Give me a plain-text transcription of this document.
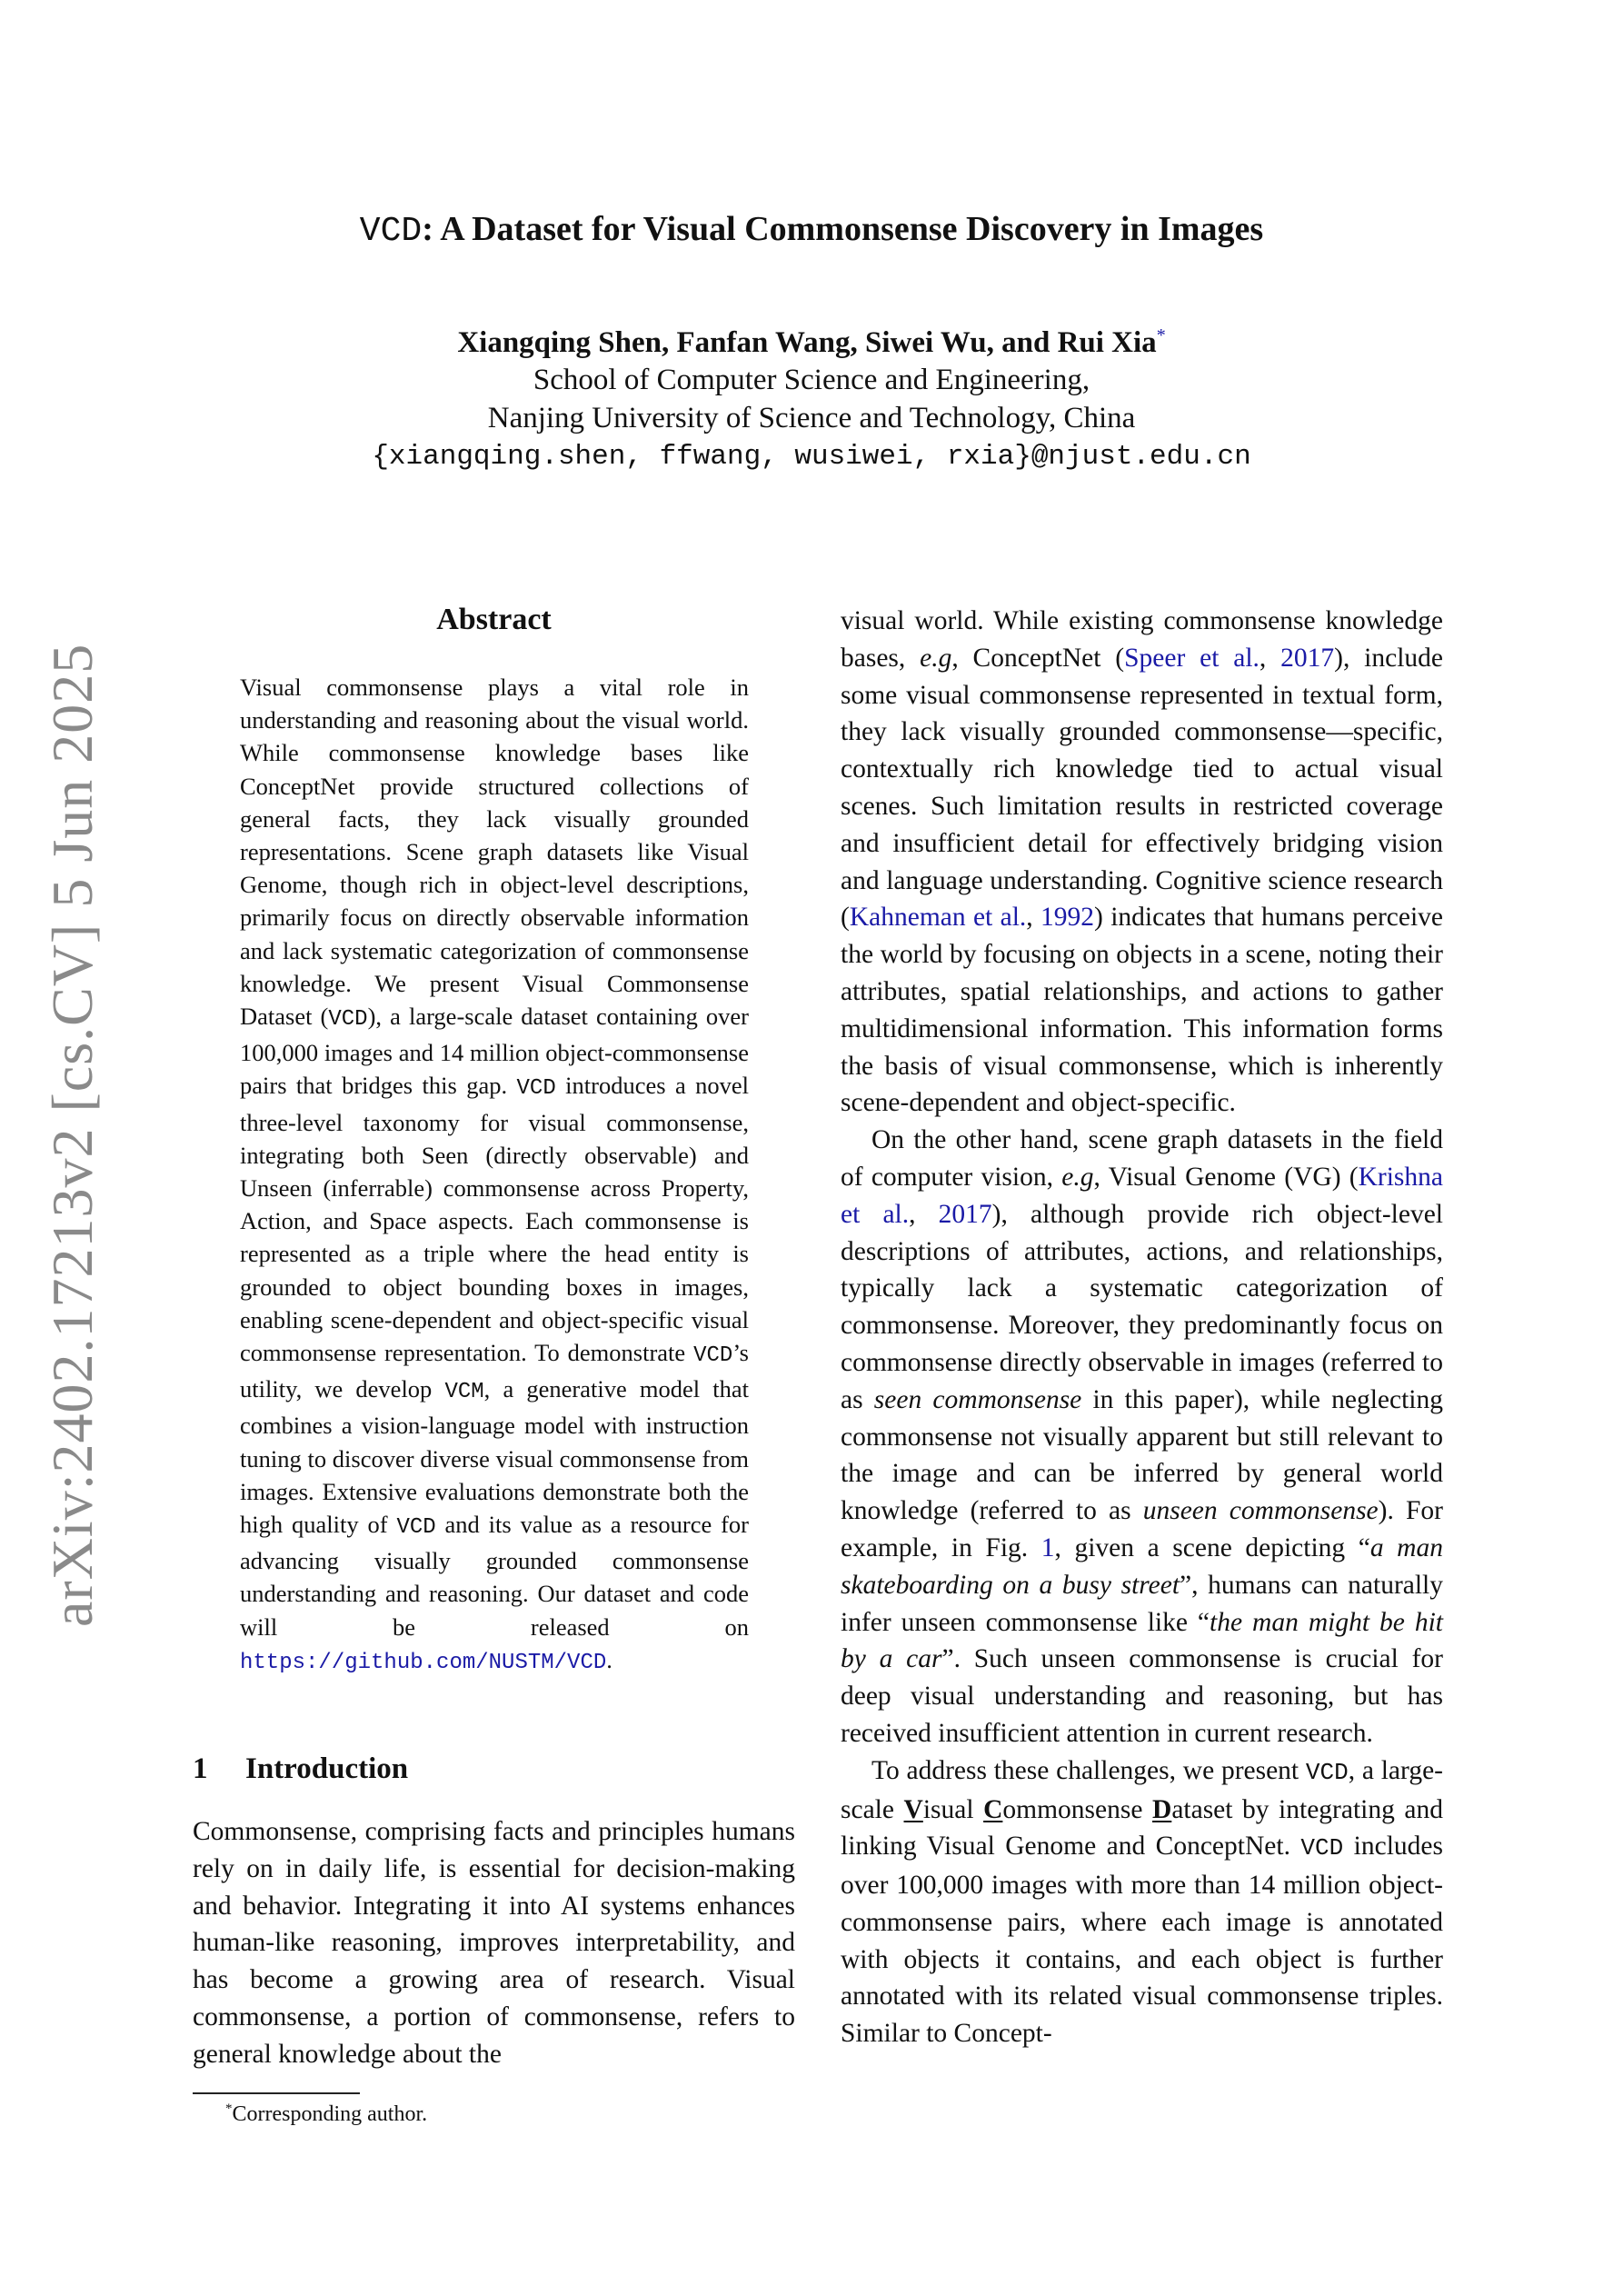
arXiv:2402.17213v2 [cs.CV] 5 Jun 2025
VCD: A Dataset for Visual Commonsense Discovery in Images

Xiangqing Shen, Fanfan Wang, Siwei Wu, and Rui Xia*

School of Computer Science and Engineering,

Nanjing University of Science and Technology, China

{xiangqing.shen, ffwang, wusiwei, rxia}@njust.edu.cn

Abstract

Visual commonsense plays a vital role in understanding and reasoning about the visual world. While commonsense knowledge bases like ConceptNet provide structured collections of general facts, they lack visually grounded representations. Scene graph datasets like Visual Genome, though rich in object-level descriptions, primarily focus on directly observable information and lack systematic categorization of commonsense knowledge. We present Visual Commonsense Dataset (VCD), a large-scale dataset containing over 100,000 images and 14 million object-commonsense pairs that bridges this gap. VCD introduces a novel three-level taxonomy for visual commonsense, integrating both Seen (directly observable) and Unseen (inferrable) commonsense across Property, Action, and Space aspects. Each commonsense is represented as a triple where the head entity is grounded to object bounding boxes in images, enabling scene-dependent and object-specific visual commonsense representation. To demonstrate VCD’s utility, we develop VCM, a generative model that combines a vision-language model with instruction tuning to discover diverse visual commonsense from images. Extensive evaluations demonstrate both the high quality of VCD and its value as a resource for advancing visually grounded commonsense understanding and reasoning. Our dataset and code will be released on https://github.com/NUSTM/VCD.

1 Introduction

Commonsense, comprising facts and principles humans rely on in daily life, is essential for decision-making and behavior. Integrating it into AI systems enhances human-like reasoning, improves interpretability, and has become a growing area of research. Visual commonsense, a portion of commonsense, refers to general knowledge about the

*Corresponding author.

visual world. While existing commonsense knowledge bases, e.g, ConceptNet (Speer et al., 2017), include some visual commonsense represented in textual form, they lack visually grounded commonsense—specific, contextually rich knowledge tied to actual visual scenes. Such limitation results in restricted coverage and insufficient detail for effectively bridging vision and language understanding. Cognitive science research (Kahneman et al., 1992) indicates that humans perceive the world by focusing on objects in a scene, noting their attributes, spatial relationships, and actions to gather multidimensional information. This information forms the basis of visual commonsense, which is inherently scene-dependent and object-specific.

On the other hand, scene graph datasets in the field of computer vision, e.g, Visual Genome (VG) (Krishna et al., 2017), although provide rich object-level descriptions of attributes, actions, and relationships, typically lack a systematic categorization of commonsense. Moreover, they predominantly focus on commonsense directly observable in images (referred to as seen commonsense in this paper), while neglecting commonsense not visually apparent but still relevant to the image and can be inferred by general world knowledge (referred to as unseen commonsense). For example, in Fig. 1, given a scene depicting “a man skateboarding on a busy street”, humans can naturally infer unseen commonsense like “the man might be hit by a car”. Such unseen commonsense is crucial for deep visual understanding and reasoning, but has received insufficient attention in current research.

To address these challenges, we present VCD, a large-scale Visual Commonsense Dataset by integrating and linking Visual Genome and ConceptNet. VCD includes over 100,000 images with more than 14 million object-commonsense pairs, where each image is annotated with objects it contains, and each object is further annotated with its related visual commonsense triples. Similar to Concept-
